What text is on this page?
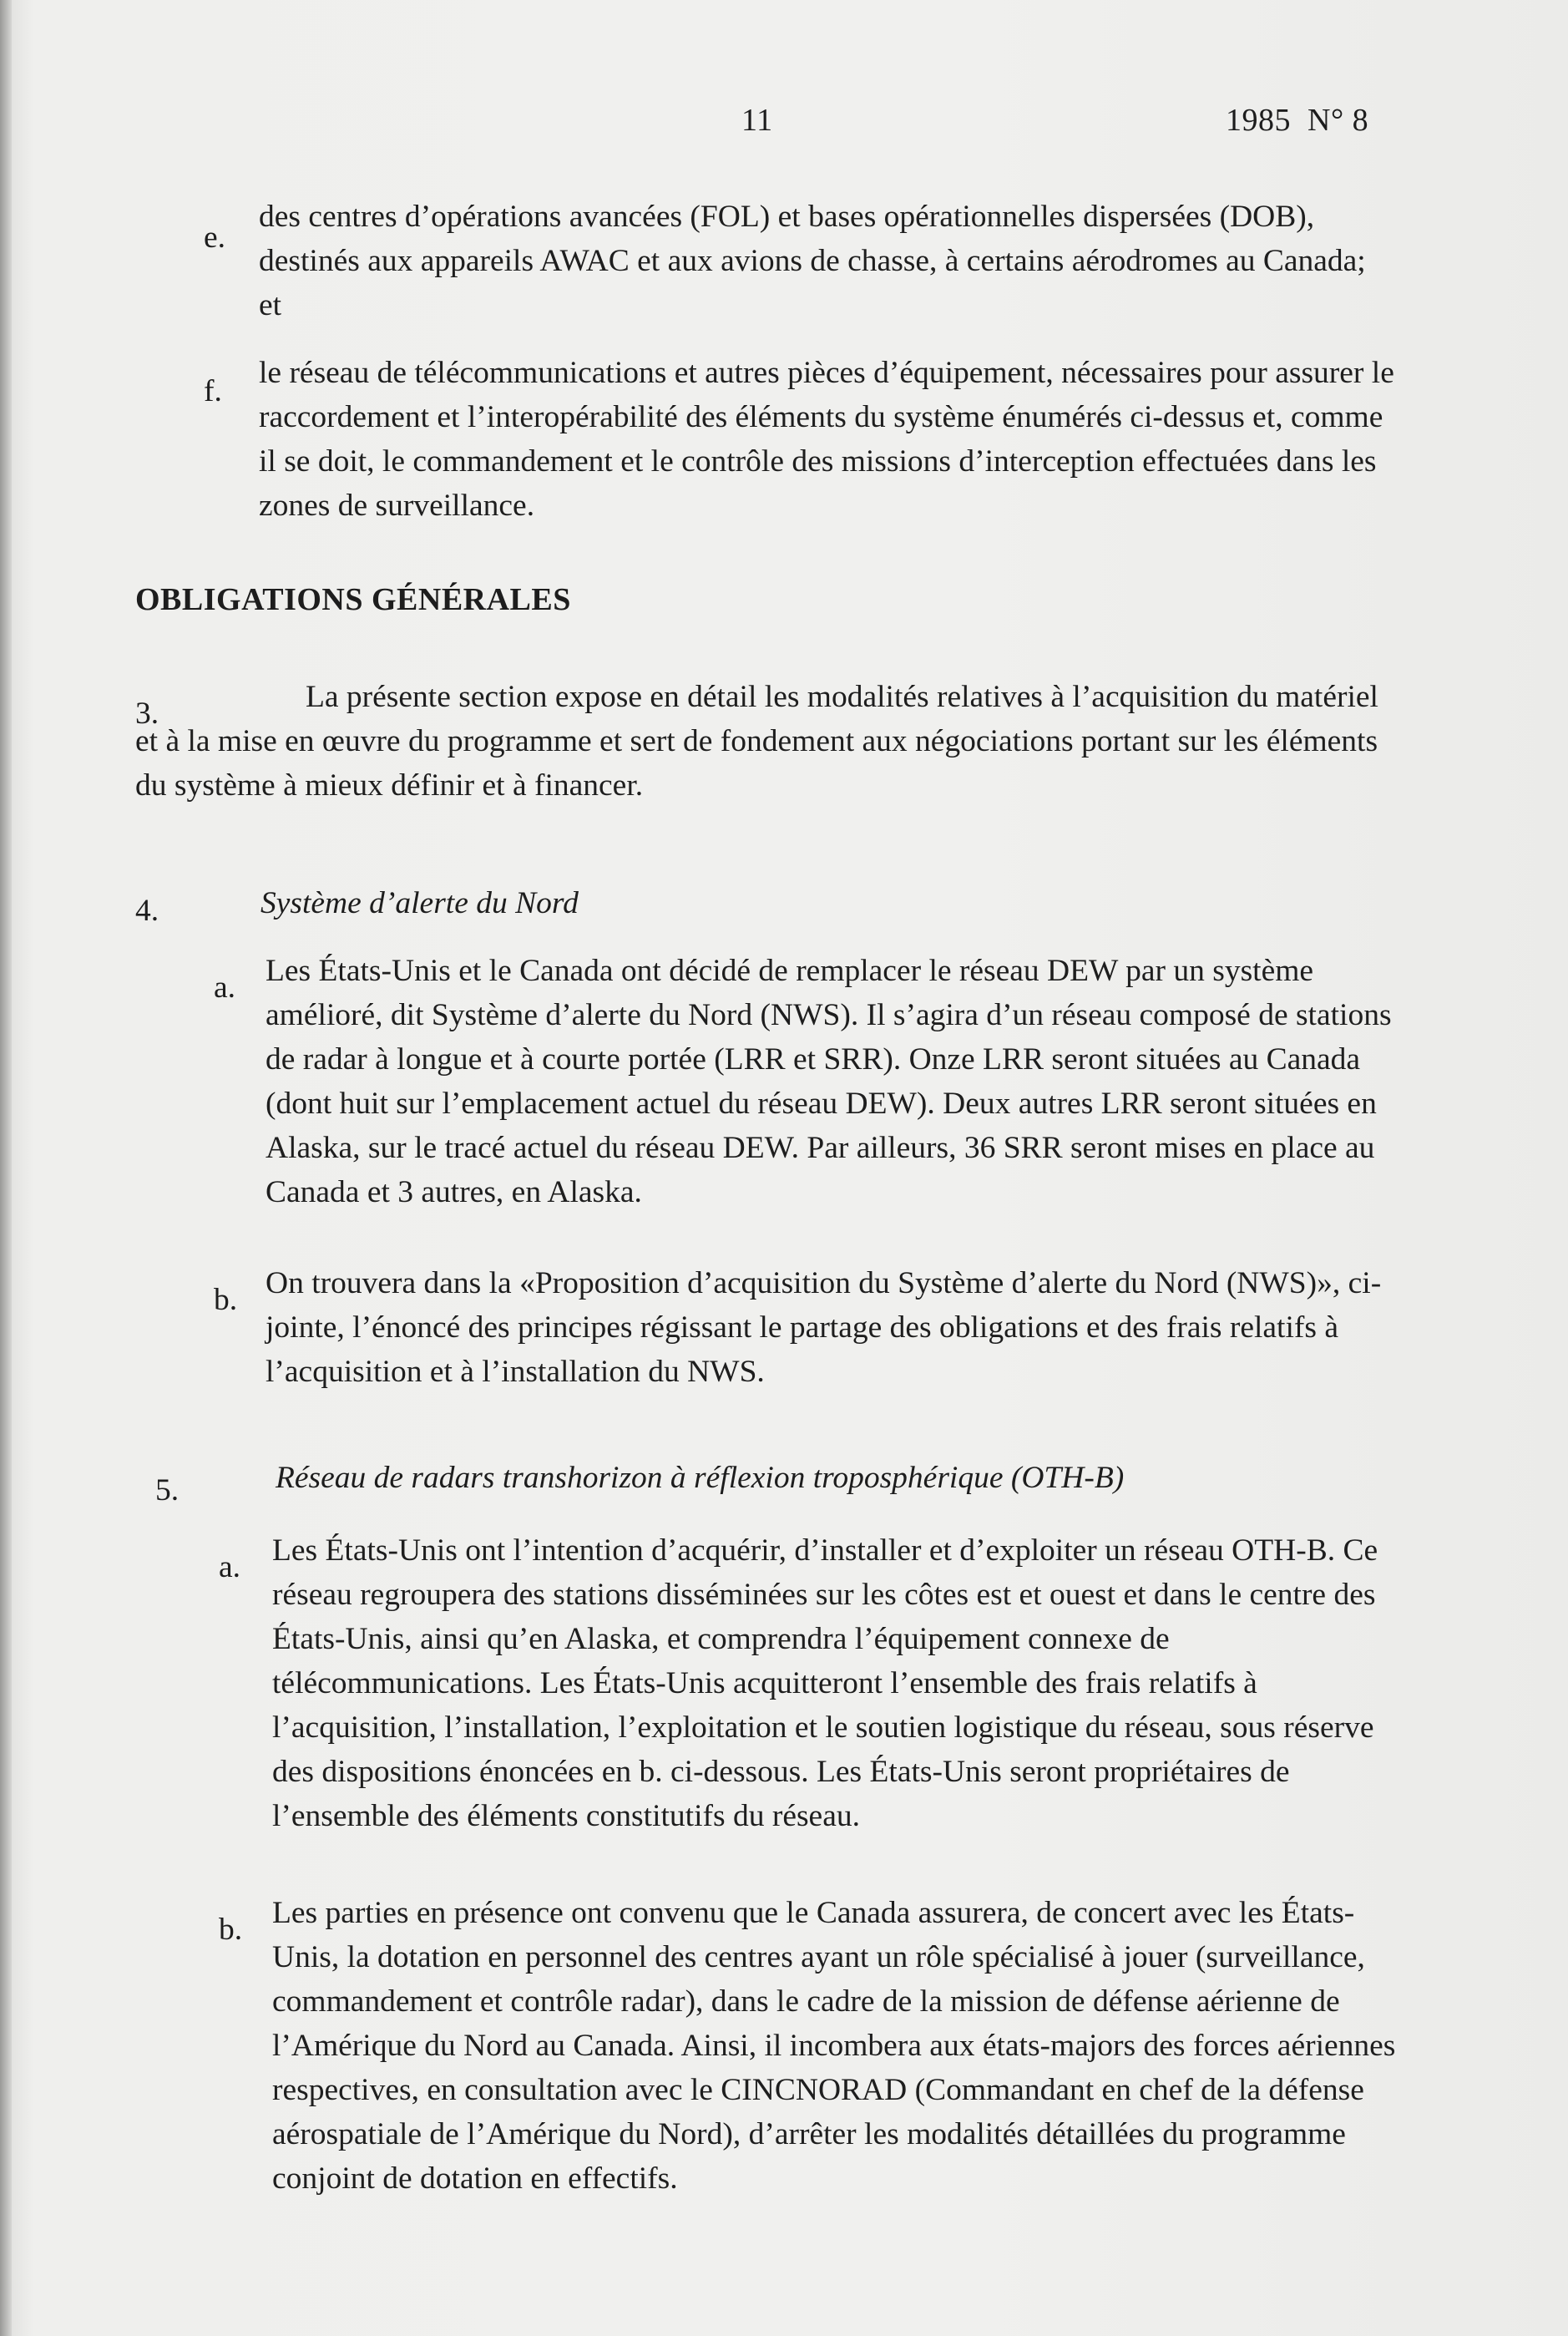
11	1985  N° 8
e.
des centres d’opérations avancées (FOL) et bases opérationnelles dispersées (DOB), destinés aux appareils AWAC et aux avions de chasse, à certains aérodromes au Canada; et
f.
le réseau de télécommunications et autres pièces d’équipement, nécessaires pour assurer le raccordement et l’interopérabilité des éléments du système énumérés ci-dessus et, comme il se doit, le commandement et le contrôle des missions d’interception effectuées dans les zones de surveillance.
OBLIGATIONS GÉNÉRALES
3.	La présente section expose en détail les modalités relatives à l’acquisition du matériel et à la mise en œuvre du programme et sert de fondement aux négociations portant sur les éléments du système à mieux définir et à financer.
4.	Système d’alerte du Nord
a. Les États-Unis et le Canada ont décidé de remplacer le réseau DEW par un système amélioré, dit Système d’alerte du Nord (NWS). Il s’agira d’un réseau composé de stations de radar à longue et à courte portée (LRR et SRR). Onze LRR seront situées au Canada (dont huit sur l’emplacement actuel du réseau DEW). Deux autres LRR seront situées en Alaska, sur le tracé actuel du réseau DEW. Par ailleurs, 36 SRR seront mises en place au Canada et 3 autres, en Alaska.
b. On trouvera dans la «Proposition d’acquisition du Système d’alerte du Nord (NWS)», ci-jointe, l’énoncé des principes régissant le partage des obligations et des frais relatifs à l’acquisition et à l’installation du NWS.
5.	Réseau de radars transhorizon à réflexion troposphérique (OTH-B)
a. Les États-Unis ont l’intention d’acquérir, d’installer et d’exploiter un réseau OTH-B. Ce réseau regroupera des stations disséminées sur les côtes est et ouest et dans le centre des États-Unis, ainsi qu’en Alaska, et comprendra l’équipement connexe de télécommunications. Les États-Unis acquitteront l’ensemble des frais relatifs à l’acquisition, l’installation, l’exploitation et le soutien logistique du réseau, sous réserve des dispositions énoncées en b. ci-dessous. Les États-Unis seront propriétaires de l’ensemble des éléments constitutifs du réseau.
b. Les parties en présence ont convenu que le Canada assurera, de concert avec les États-Unis, la dotation en personnel des centres ayant un rôle spécialisé à jouer (surveillance, commandement et contrôle radar), dans le cadre de la mission de défense aérienne de l’Amérique du Nord au Canada. Ainsi, il incombera aux états-majors des forces aériennes respectives, en consultation avec le CINCNORAD (Commandant en chef de la défense aérospatiale de l’Amérique du Nord), d’arrêter les modalités détaillées du programme conjoint de dotation en effectifs.
